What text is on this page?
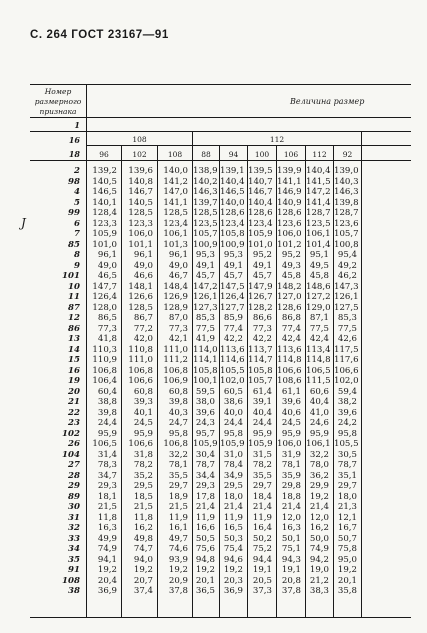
С. 264 ГОСТ 23167—91
Номер
размерного
признака
Величина размер
1
16
18
108	112
96	102	108	88	94	100	106	112	92
2	139,2	139,6	140,0 138,9 139,1 139,5 139,9 140,4 139,0
98	140,5	140,8	141,2 140,2 140,4 140,7 141,1 141,5 140,3
4	146,5	146,7	147,0 146,3 146,5 146,7 146,9 147,2 146,3
5	140,1	140,5	141,1 139,7 140,0 140,4 140,9 141,4 139,8
99	128,4	128,5	128,5 128,5 128,6 128,6 128,6 128,7 128,7
6	123,3	123,3	123,4 123,5 123,4 123,4 123,6 123,5 123,6
7	105,9	106,0	106,1 105,7 105,8 105,9 106,0 106,1 105,7
85	101,0	101,1	101,3 100,9 100,9 101,0 101,2 101,4 100,8
8	96,1	96,1	96,1 95,3	95,3	95,2	95,2	95,1	95,4
9	49,0	49,0	49,0 49,1	49,1	49,1	49,3	49,5	49,2
101	46,5	46,6	46,7 45,7	45,7	45,7	45,8	45,8	46,2
10	147,7	148,1	148,4 147,2 147,5 147,9 148,2 148,6 147,3
11	126,4	126,6	126,9 126,1 126,4 126,7 127,0 127,2 126,1
87	128,0	128,5	128,9 127,3 127,7 128,2 128,6 129,0 127,5
12	86,5	86,7	87,0 85,3	85,9	86,6	86,8	87,1	85,3
86	77,3	77,2	77,3 77,5	77,4	77,3	77,4	77,5	77,5
13	41,8	42,0	42,1 41,9	42,2	42,2	42,4	42,4	42,6
14	110,3	110,8	111,0 114,0 113,6 113,7 113,6 113,4 117,5
15	110,9	111,0	111,2 114,1 114,6 114,7 114,8 114,8 117,6
16	106,8	106,8	106,8 105,8 105,5 105,8 106,6 106,5 106,6
19	106,4	106,6	106,9 100,1 102,0 105,7 108,6 111,5 102,0
20	60,4	60,8	60,8 59,5	60,5	61,4	61,1	60,6	59,4
21	38,8	39,3	39,8 38,0	38,6	39,1	39,6	40,4	38,2
22	39,8	40,1	40,3 39,6	40,0	40,4	40,6	41,0	39,6
23	24,4	24,5	24,7 24,3	24,4	24,4	24,5	24,6	24,2
102	95,9	95,9	95,8 95,7	95,8	95,9	95,9	95,9	95,8
26	106,5	106,6	106,8 105,9 105,9 105,9 106,0 106,1 105,5
104	31,4	31,8	32,2 30,4	31,0	31,5	31,9	32,2	30,5
27	78,3	78,2	78,1 78,7	78,4	78,2	78,1	78,0	78,7
28	34,7	35,2	35,5 34,4	34,9	35,5	35,9	36,2	35,1
29	29,3	29,5	29,7 29,3	29,5	29,7	29,8	29,9	29,7
89	18,1	18,5	18,9 17,8	18,0	18,4	18,8	19,2	18,0
30	21,5	21,5	21,5 21,4	21,4	21,4	21,4	21,4	21,3
31	11,8	11,8	11,9 11,9	11,9	11,9	12,0	12,0	12,1
32	16,3	16,2	16,1 16,6	16,5	16,4	16,3	16,2	16,7
33	49,9	49,8	49,7 50,5	50,3	50,2	50,1	50,0	50,7
34	74,9	74,7	74,6 75,6	75,4	75,2	75,1	74,9	75,8
35	94,1	94,0	93,9 94,8	94,6	94,4	94,3	94,2	95,0
91	19,2	19,2	19,2 19,2	19,2	19,1	19,1	19,0	19,2
108	20,4	20,7	20,9 20,1	20,3	20,5	20,8	21,2	20,1
38	36,9	37,4	37,8 36,5	36,9	37,3	37,8	38,3	35,8
J
